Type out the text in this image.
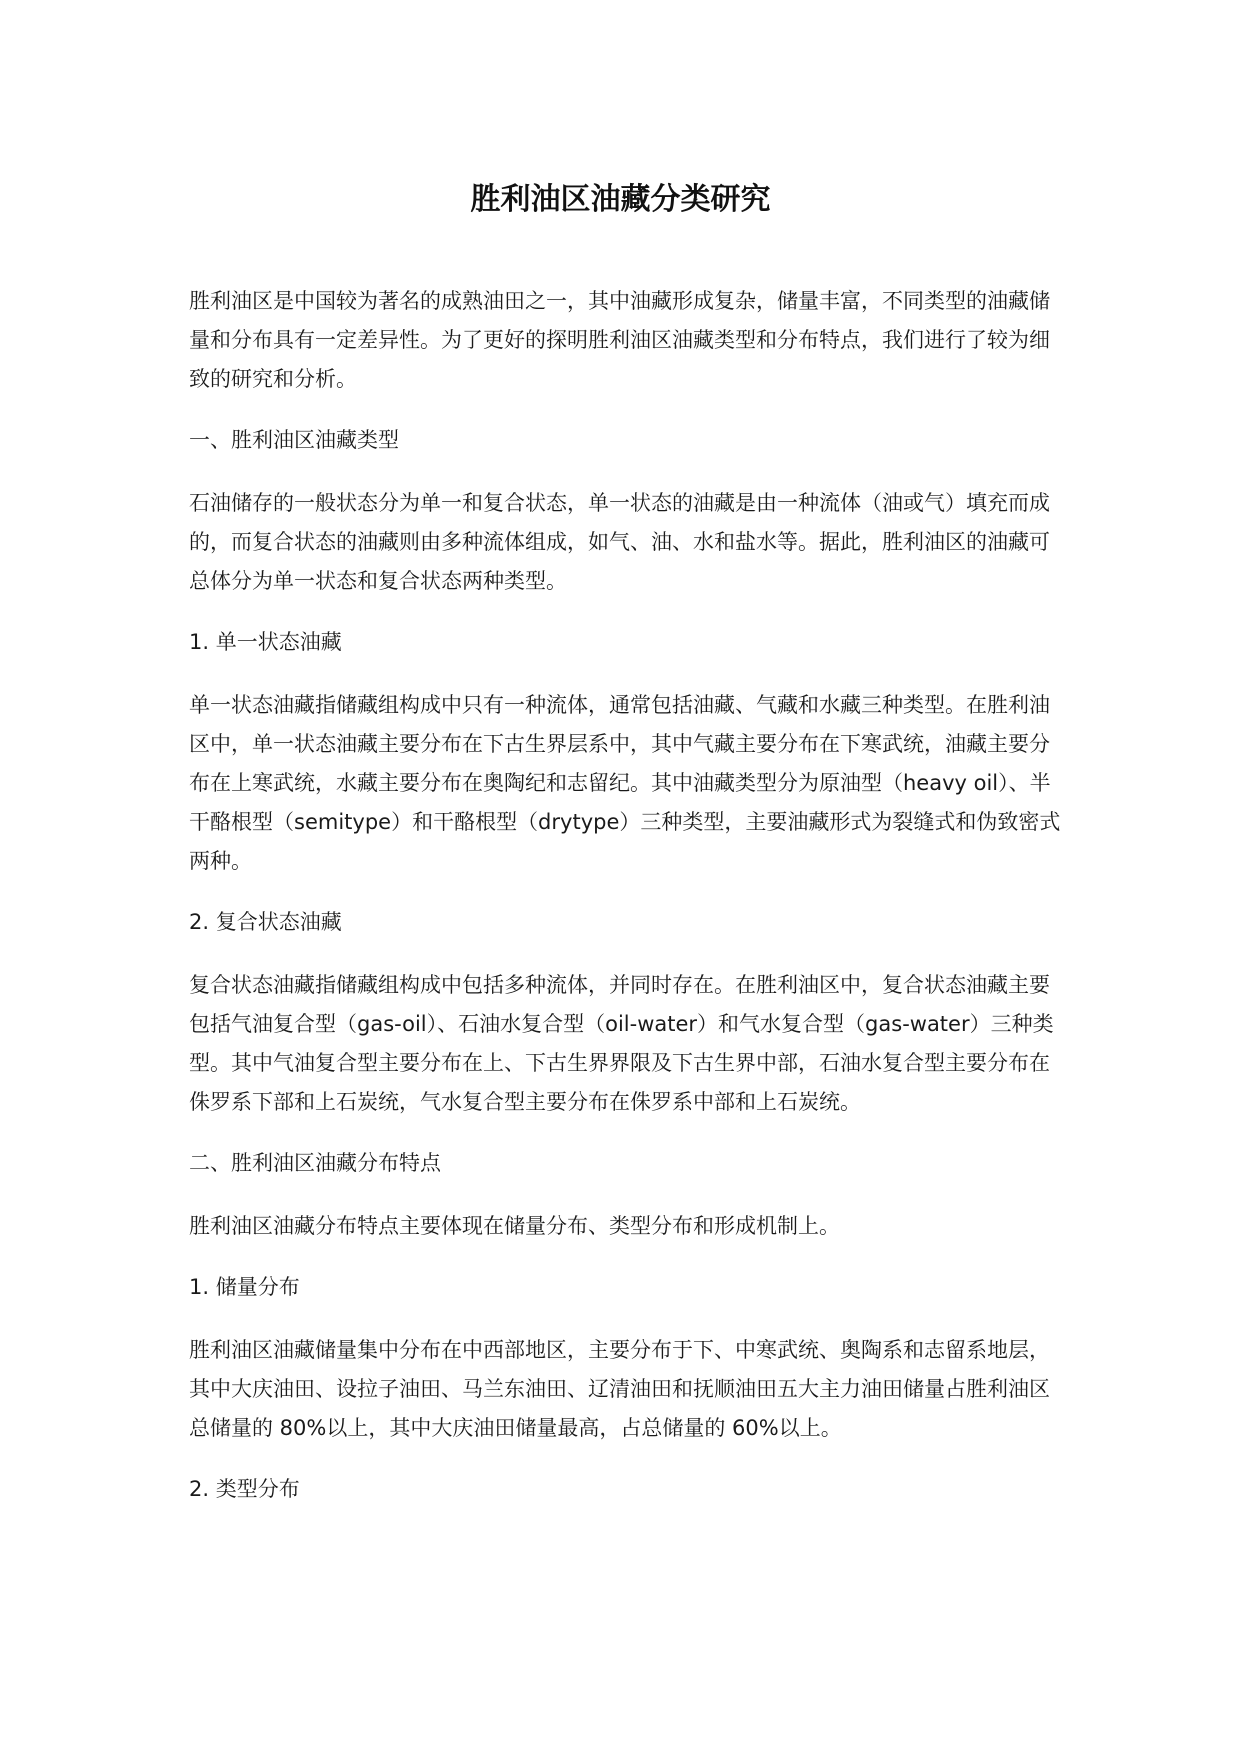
胜利油区油藏分类研究

胜利油区是中国较为著名的成熟油田之一，其中油藏形成复杂，储量丰富，不同类型的油藏储量和分布具有一定差异性。为了更好的探明胜利油区油藏类型和分布特点，我们进行了较为细致的研究和分析。

一、胜利油区油藏类型

石油储存的一般状态分为单一和复合状态，单一状态的油藏是由一种流体（油或气）填充而成的，而复合状态的油藏则由多种流体组成，如气、油、水和盐水等。据此，胜利油区的油藏可总体分为单一状态和复合状态两种类型。

1. 单一状态油藏

单一状态油藏指储藏组构成中只有一种流体，通常包括油藏、气藏和水藏三种类型。在胜利油区中，单一状态油藏主要分布在下古生界层系中，其中气藏主要分布在下寒武统，油藏主要分布在上寒武统，水藏主要分布在奥陶纪和志留纪。其中油藏类型分为原油型（heavy oil）、半干酪根型（semitype）和干酪根型（drytype）三种类型，主要油藏形式为裂缝式和伪致密式两种。

2. 复合状态油藏

复合状态油藏指储藏组构成中包括多种流体，并同时存在。在胜利油区中，复合状态油藏主要包括气油复合型（gas-oil）、石油水复合型（oil-water）和气水复合型（gas-water）三种类型。其中气油复合型主要分布在上、下古生界界限及下古生界中部，石油水复合型主要分布在侏罗系下部和上石炭统，气水复合型主要分布在侏罗系中部和上石炭统。

二、胜利油区油藏分布特点

胜利油区油藏分布特点主要体现在储量分布、类型分布和形成机制上。

1. 储量分布

胜利油区油藏储量集中分布在中西部地区，主要分布于下、中寒武统、奥陶系和志留系地层，其中大庆油田、设拉子油田、马兰东油田、辽清油田和抚顺油田五大主力油田储量占胜利油区总储量的 80%以上，其中大庆油田储量最高，占总储量的 60%以上。

2. 类型分布
